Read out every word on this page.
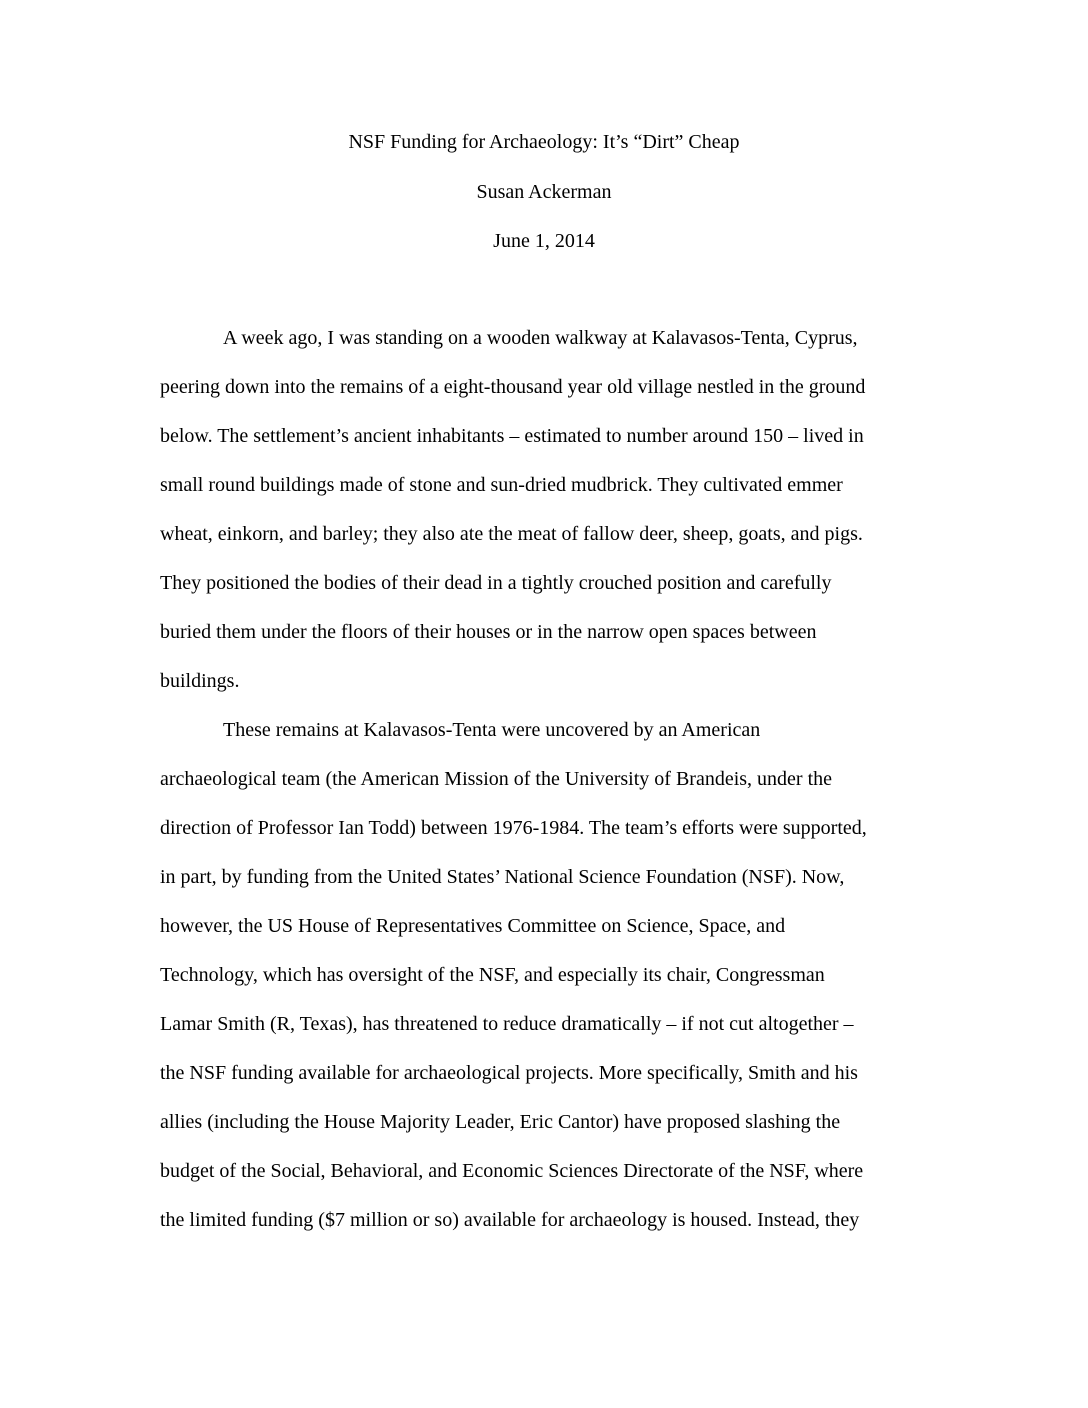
NSF Funding for Archaeology: It’s “Dirt” Cheap
Susan Ackerman
June 1, 2014
A week ago, I was standing on a wooden walkway at Kalavasos-Tenta, Cyprus,
peering down into the remains of a eight-thousand year old village nestled in the ground
below. The settlement’s ancient inhabitants – estimated to number around 150 – lived in
small round buildings made of stone and sun-dried mudbrick. They cultivated emmer
wheat, einkorn, and barley; they also ate the meat of fallow deer, sheep, goats, and pigs.
They positioned the bodies of their dead in a tightly crouched position and carefully
buried them under the floors of their houses or in the narrow open spaces between
buildings.
These remains at Kalavasos-Tenta were uncovered by an American
archaeological team (the American Mission of the University of Brandeis, under the
direction of Professor Ian Todd) between 1976-1984. The team’s efforts were supported,
in part, by funding from the United States’ National Science Foundation (NSF). Now,
however, the US House of Representatives Committee on Science, Space, and
Technology, which has oversight of the NSF, and especially its chair, Congressman
Lamar Smith (R, Texas), has threatened to reduce dramatically – if not cut altogether –
the NSF funding available for archaeological projects. More specifically, Smith and his
allies (including the House Majority Leader, Eric Cantor) have proposed slashing the
budget of the Social, Behavioral, and Economic Sciences Directorate of the NSF, where
the limited funding ($7 million or so) available for archaeology is housed. Instead, they
